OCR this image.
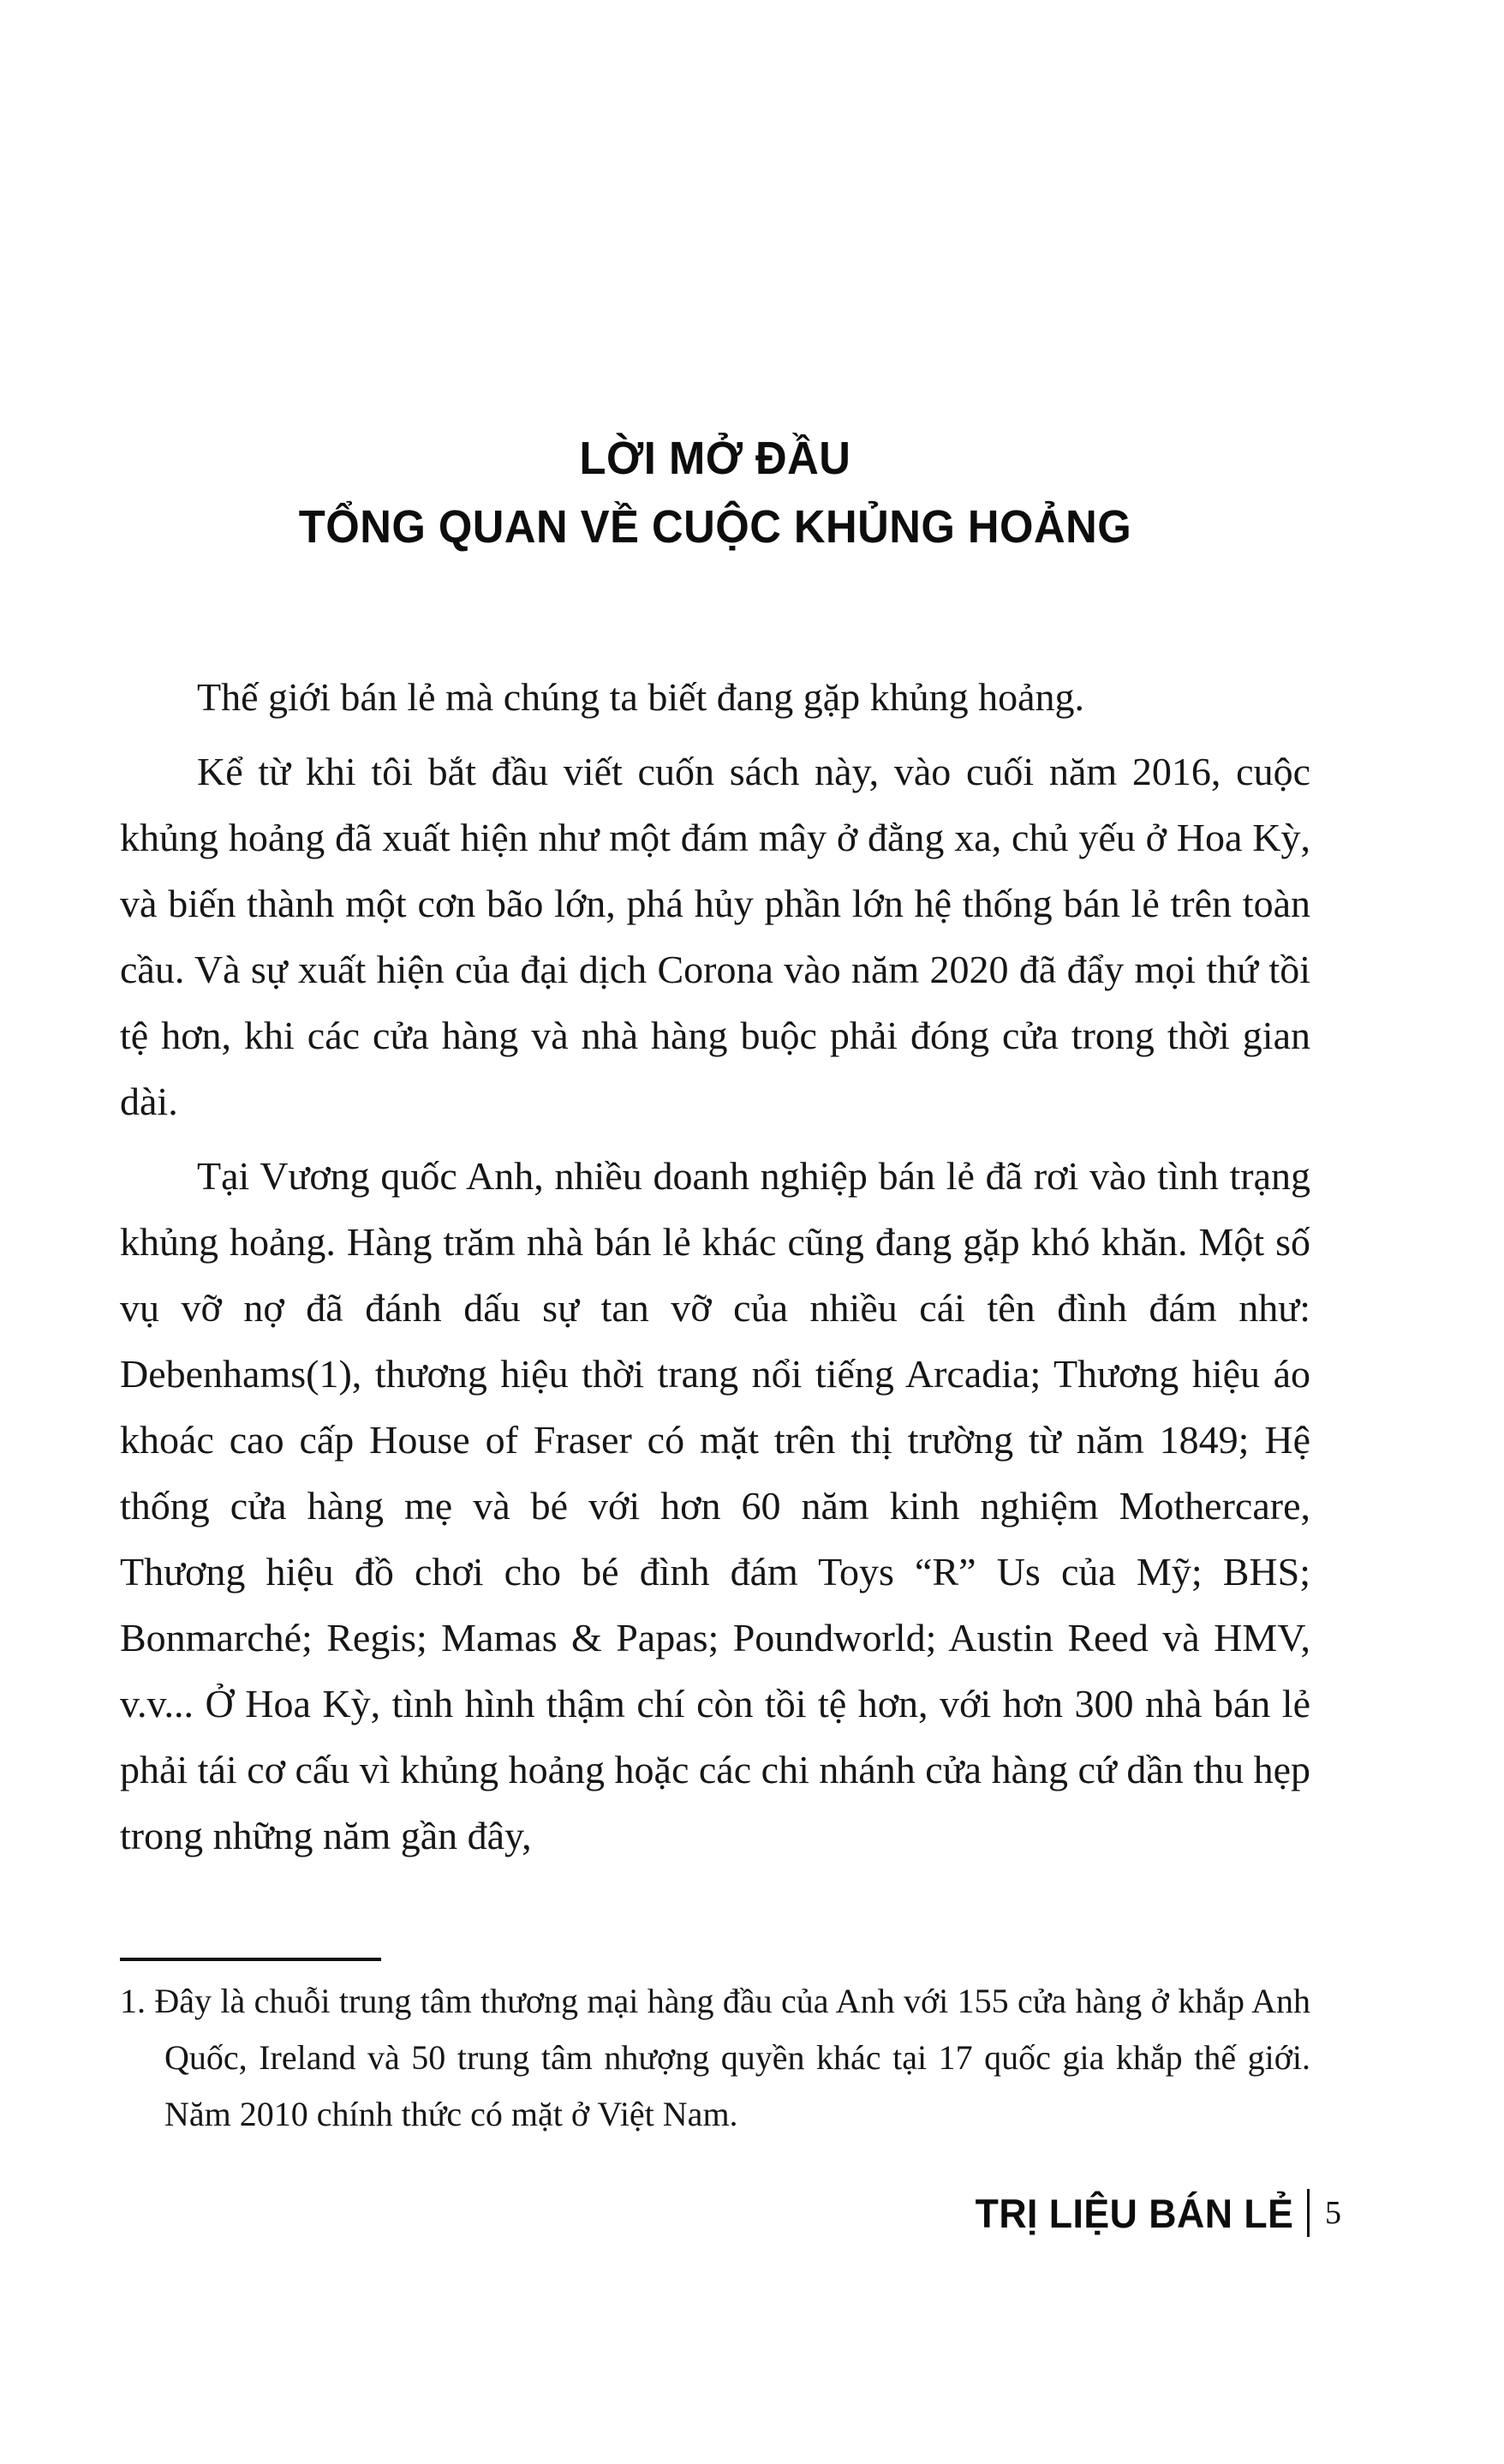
LỜI MỞ ĐẦU
TỔNG QUAN VỀ CUỘC KHỦNG HOẢNG

Thế giới bán lẻ mà chúng ta biết đang gặp khủng hoảng.

Kể từ khi tôi bắt đầu viết cuốn sách này, vào cuối năm 2016, cuộc khủng hoảng đã xuất hiện như một đám mây ở đằng xa, chủ yếu ở Hoa Kỳ, và biến thành một cơn bão lớn, phá hủy phần lớn hệ thống bán lẻ trên toàn cầu. Và sự xuất hiện của đại dịch Corona vào năm 2020 đã đẩy mọi thứ tồi tệ hơn, khi các cửa hàng và nhà hàng buộc phải đóng cửa trong thời gian dài.

Tại Vương quốc Anh, nhiều doanh nghiệp bán lẻ đã rơi vào tình trạng khủng hoảng. Hàng trăm nhà bán lẻ khác cũng đang gặp khó khăn. Một số vụ vỡ nợ đã đánh dấu sự tan vỡ của nhiều cái tên đình đám như: Debenhams(1), thương hiệu thời trang nổi tiếng Arcadia; Thương hiệu áo khoác cao cấp House of Fraser có mặt trên thị trường từ năm 1849; Hệ thống cửa hàng mẹ và bé với hơn 60 năm kinh nghiệm Mothercare, Thương hiệu đồ chơi cho bé đình đám Toys “R” Us của Mỹ; BHS; Bonmarché; Regis; Mamas & Papas; Poundworld; Austin Reed và HMV, v.v... Ở Hoa Kỳ, tình hình thậm chí còn tồi tệ hơn, với hơn 300 nhà bán lẻ phải tái cơ cấu vì khủng hoảng hoặc các chi nhánh cửa hàng cứ dần thu hẹp trong những năm gần đây,

1. Đây là chuỗi trung tâm thương mại hàng đầu của Anh với 155 cửa hàng ở khắp Anh Quốc, Ireland và 50 trung tâm nhượng quyền khác tại 17 quốc gia khắp thế giới. Năm 2010 chính thức có mặt ở Việt Nam.

TRỊ LIỆU BÁN LẺ 5
